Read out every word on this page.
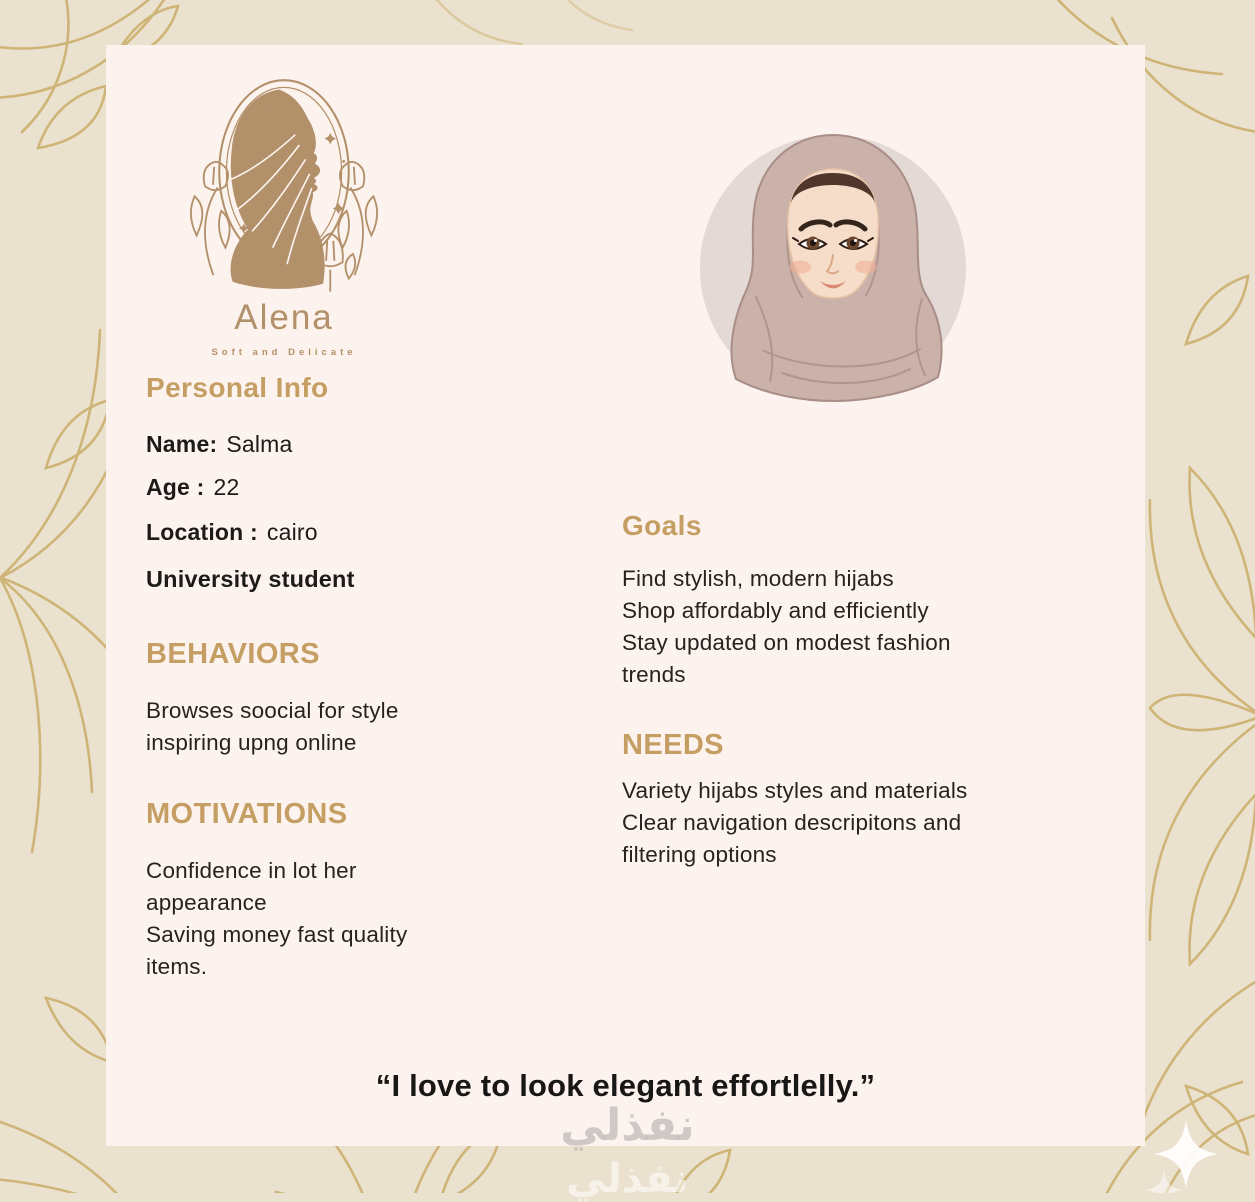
Alena
Soft and Delicate
Personal Info
Name: Salma
Age : 22
Location : cairo
University student
BEHAVIORS
Browses soocial for style
inspiring upng online
MOTIVATIONS
Confidence in lot her
appearance
Saving money fast quality
items.
Goals
Find stylish, modern hijabs
Shop affordably and efficiently
Stay updated on modest fashion
trends
NEEDS
Variety hijabs styles and materials
Clear navigation descripitons and
filtering options
“I love to look elegant effortlelly.”
نفذلي
نفذلي
